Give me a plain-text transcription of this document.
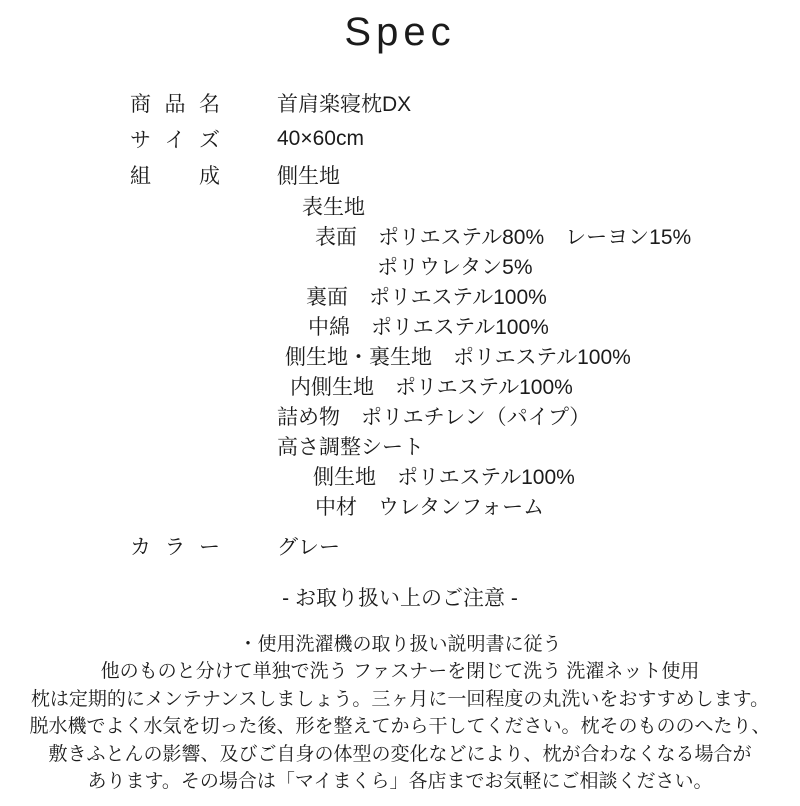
Spec
商 品 名	首肩楽寝枕DX
サ イ ズ	40×60cm
組 成	側生地
表生地
表面　ポリエステル80%　レーヨン15%
ポリウレタン5%
裏面　ポリエステル100%
中綿　ポリエステル100%
側生地・裏生地　ポリエステル100%
内側生地　ポリエステル100%
詰め物　ポリエチレン（パイプ）
高さ調整シート
側生地　ポリエステル100%
中材　ウレタンフォーム
カ ラ ー	グレー
- お取り扱い上のご注意 -
・使用洗濯機の取り扱い説明書に従う
他のものと分けて単独で洗う ファスナーを閉じて洗う 洗濯ネット使用
枕は定期的にメンテナンスしましょう。三ヶ月に一回程度の丸洗いをおすすめします。
脱水機でよく水気を切った後、形を整えてから干してください。枕そのもののへたり、
敷きふとんの影響、及びご自身の体型の変化などにより、枕が合わなくなる場合が
あります。その場合は「マイまくら」各店までお気軽にご相談ください。
